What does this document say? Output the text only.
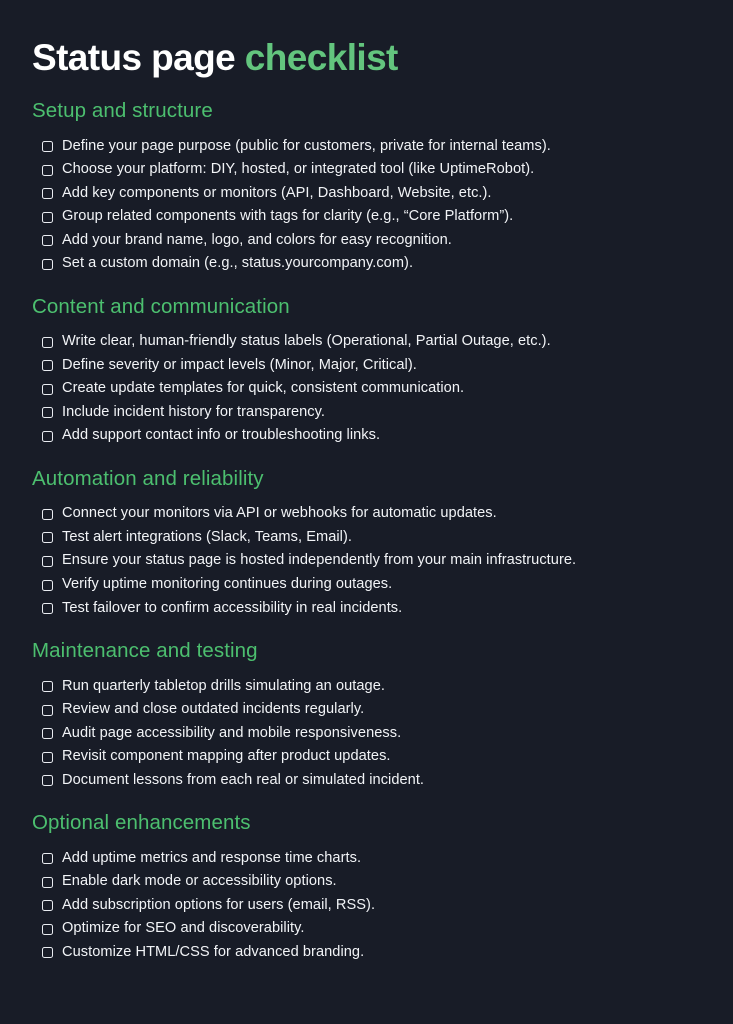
Status page checklist
Setup and structure
Define your page purpose (public for customers, private for internal teams).
Choose your platform: DIY, hosted, or integrated tool (like UptimeRobot).
Add key components or monitors (API, Dashboard, Website, etc.).
Group related components with tags for clarity (e.g., “Core Platform”).
Add your brand name, logo, and colors for easy recognition.
Set a custom domain (e.g., status.yourcompany.com).
Content and communication
Write clear, human-friendly status labels (Operational, Partial Outage, etc.).
Define severity or impact levels (Minor, Major, Critical).
Create update templates for quick, consistent communication.
Include incident history for transparency.
Add support contact info or troubleshooting links.
Automation and reliability
Connect your monitors via API or webhooks for automatic updates.
Test alert integrations (Slack, Teams, Email).
Ensure your status page is hosted independently from your main infrastructure.
Verify uptime monitoring continues during outages.
Test failover to confirm accessibility in real incidents.
Maintenance and testing
Run quarterly tabletop drills simulating an outage.
Review and close outdated incidents regularly.
Audit page accessibility and mobile responsiveness.
Revisit component mapping after product updates.
Document lessons from each real or simulated incident.
Optional enhancements
Add uptime metrics and response time charts.
Enable dark mode or accessibility options.
Add subscription options for users (email, RSS).
Optimize for SEO and discoverability.
Customize HTML/CSS for advanced branding.
